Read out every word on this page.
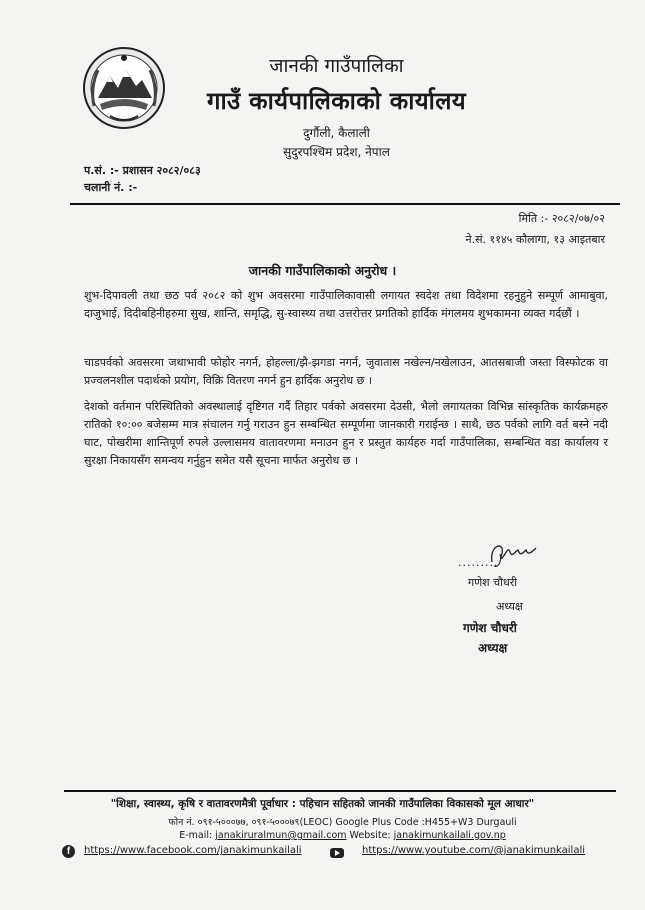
जानकी गाउँपालिका
गाउँ कार्यपालिकाको कार्यालय
दुर्गौली, कैलाली
सुदुरपश्चिम प्रदेश, नेपाल
प.सं. :- प्रशासन २०८२/०८३
चलानी नं. :-
मिति :- २०८२/०७/०२
ने.सं. ११४५ कौलागा, १३ आइतबार
जानकी गाउँपालिकाको अनुरोध ।
शुभ-दिपावली तथा छठ पर्व २०८२ को शुभ अवसरमा गाउँपालिकावासी लगायत स्वदेश तथा विदेशमा रहनुहुने सम्पूर्ण आमाबुवा, दाजुभाई, दिदीबहिनीहरुमा सुख, शान्ति, समृद्धि, सु-स्वास्थ्य तथा उत्तरोत्तर प्रगतिको हार्दिक मंगलमय शुभकामना व्यक्त गर्दछौं ।
चाडपर्वको अवसरमा जथाभावी फोहोर नगर्न, होहल्ला/झै-झगडा नगर्न, जुवातास नखेल्न/नखेलाउन, आतसबाजी जस्ता विस्फोटक वा प्रज्वलनशील पदार्थको प्रयोग, विक्रि वितरण नगर्न हुन हार्दिक अनुरोध छ ।
देशको वर्तमान परिस्थितिको अवस्थालाई दृष्टिगत गर्दै तिहार पर्वको अवसरमा देउसी, भैलो लगायतका विभिन्न सांस्कृतिक कार्यक्रमहरु रातिको १०:०० बजेसम्म मात्र संचालन गर्नु गराउन हुन सम्बन्धित सम्पूर्णमा जानकारी गराईन्छ । साथै, छठ पर्वको लागि वर्त बस्ने नदी घाट, पोखरीमा शान्तिपूर्ण रुपले उल्लासमय वातावरणमा मनाउन हुन र प्रस्तुत कार्यहरु गर्दा गाउँपालिका, सम्बन्धित वडा कार्यालय र सुरक्षा निकायसँग समन्वय गर्नुहुन समेत यसै सूचना मार्फत अनुरोध छ ।
.........
गणेश चौधरी
अध्यक्ष
गणेश चौधरी
अध्यक्ष
"शिक्षा, स्वास्थ्य, कृषि र वातावरणमैत्री पूर्वाधार : पहिचान सहितको जानकी गाउँपालिका विकासको मूल आधार"
फोन नं. ०९१-५०००७७, ०९१-५०००७९(LEOC) Google Plus Code :H455+W3 Durgauli
E-mail: janakiruralmun@gmail.com Website: janakimunkailali.gov.np
f	https://www.facebook.com/janakimunkailali	https://www.youtube.com/@janakimunkailali
